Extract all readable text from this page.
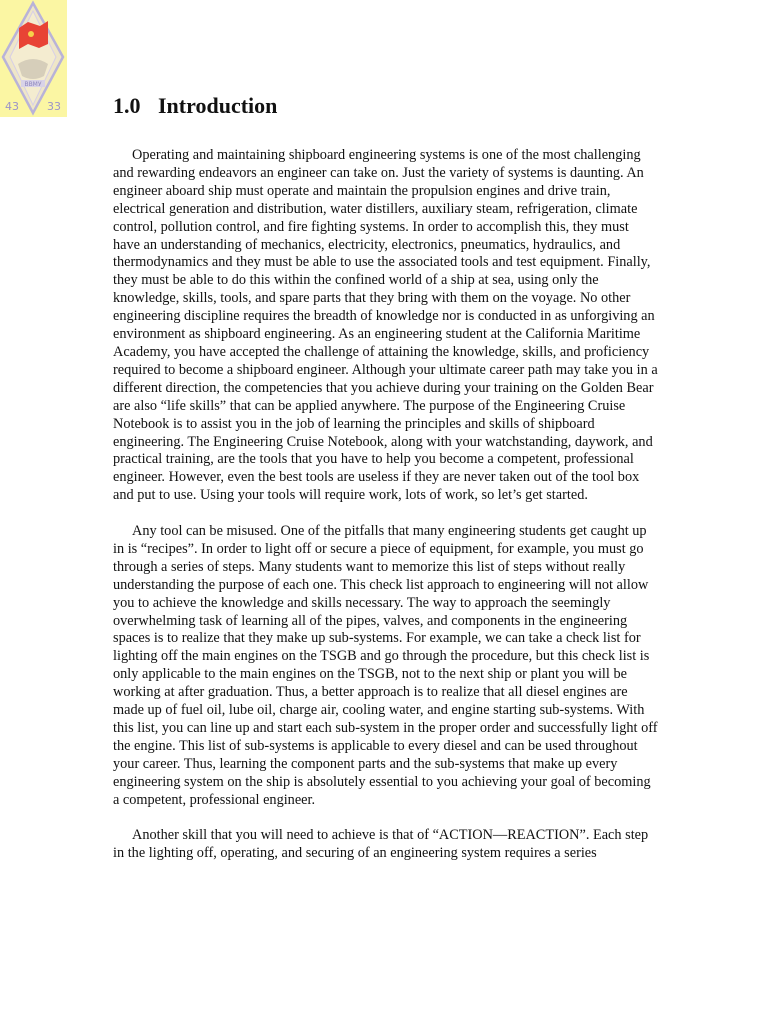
ВВМУ
43	33 1.0 Introduction

Operating and maintaining shipboard engineering systems is one of the most challenging and rewarding endeavors an engineer can take on. Just the variety of systems is daunting. An engineer aboard ship must operate and maintain the propulsion engines and drive train, electrical generation and distribution, water distillers, auxiliary steam, refrigeration, climate control, pollution control, and fire fighting systems. In order to accomplish this, they must have an understanding of mechanics, electricity, electronics, pneumatics, hydraulics, and thermodynamics and they must be able to use the associated tools and test equipment. Finally, they must be able to do this within the confined world of a ship at sea, using only the knowledge, skills, tools, and spare parts that they bring with them on the voyage. No other engineering discipline requires the breadth of knowledge nor is conducted in as unforgiving an environment as shipboard engineering. As an engineering student at the California Maritime Academy, you have accepted the challenge of attaining the knowledge, skills, and proficiency required to become a shipboard engineer. Although your ultimate career path may take you in a different direction, the competencies that you achieve during your training on the Golden Bear are also “life skills” that can be applied anywhere. The purpose of the Engineering Cruise Notebook is to assist you in the job of learning the principles and skills of shipboard engineering. The Engineering Cruise Notebook, along with your watchstanding, daywork, and practical training, are the tools that you have to help you become a competent, professional engineer. However, even the best tools are useless if they are never taken out of the tool box and put to use. Using your tools will require work, lots of work, so let’s get started.

Any tool can be misused. One of the pitfalls that many engineering students get caught up in is “recipes”. In order to light off or secure a piece of equipment, for example, you must go through a series of steps. Many students want to memorize this list of steps without really understanding the purpose of each one. This check list approach to engineering will not allow you to achieve the knowledge and skills necessary. The way to approach the seemingly overwhelming task of learning all of the pipes, valves, and components in the engineering spaces is to realize that they make up sub-systems. For example, we can take a check list for lighting off the main engines on the TSGB and go through the procedure, but this check list is only applicable to the main engines on the TSGB, not to the next ship or plant you will be working at after graduation. Thus, a better approach is to realize that all diesel engines are made up of fuel oil, lube oil, charge air, cooling water, and engine starting sub-systems. With this list, you can line up and start each sub-system in the proper order and successfully light off the engine. This list of sub-systems is applicable to every diesel and can be used throughout your career. Thus, learning the component parts and the sub-systems that make up every engineering system on the ship is absolutely essential to you achieving your goal of becoming a competent, professional engineer.

Another skill that you will need to achieve is that of “ACTION—REACTION”. Each step in the lighting off, operating, and securing of an engineering system requires a series
